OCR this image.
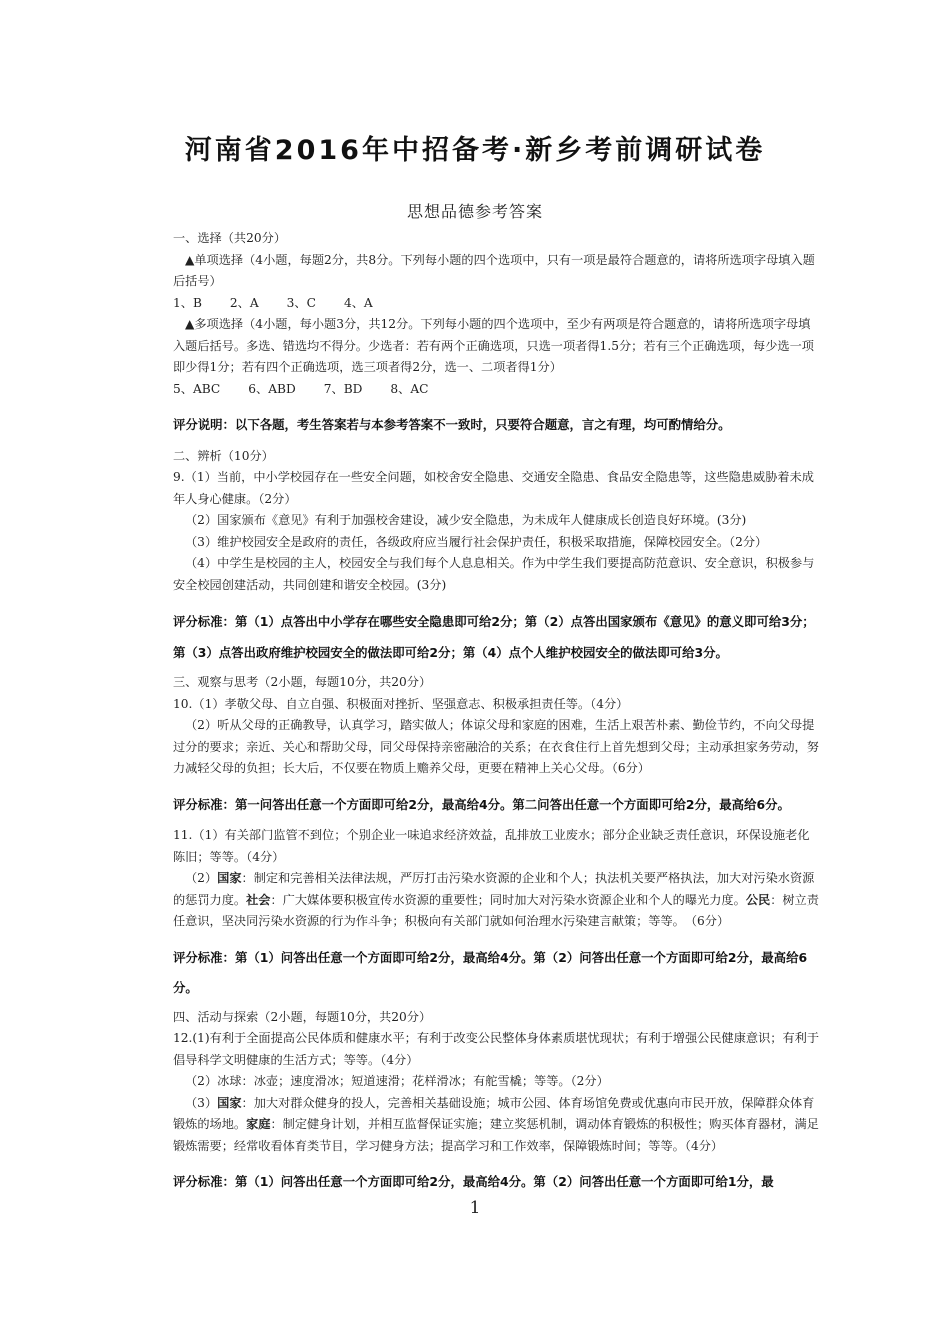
河南省2016年中招备考·新乡考前调研试卷
思想品德参考答案

一、选择（共20分）

▲单项选择（4小题，每题2分，共8分。下列每小题的四个选项中，只有一项是最符合题意的，请将所选项字母填入题后括号）

1、B 2、A 3、C 4、A

▲多项选择（4小题，每小题3分，共12分。下列每小题的四个选项中，至少有两项是符合题意的，请将所选项字母填入题后括号。多选、错选均不得分。少选者：若有两个正确选项，只选一项者得1.5分；若有三个正确选项，每少选一项即少得1分；若有四个正确选项，选三项者得2分，选一、二项者得1分）

5、ABC 6、ABD 7、BD 8、AC

评分说明：以下各题，考生答案若与本参考答案不一致时，只要符合题意，言之有理，均可酌情给分。

二、辨析（10分）

9.（1）当前，中小学校园存在一些安全问题，如校舍安全隐患、交通安全隐患、食品安全隐患等，这些隐患威胁着未成年人身心健康。（2分）

（2）国家颁布《意见》有利于加强校舍建设，减少安全隐患，为未成年人健康成长创造良好环境。(3分)

（3）维护校园安全是政府的责任，各级政府应当履行社会保护责任，积极采取措施，保障校园安全。（2分）

（4）中学生是校园的主人，校园安全与我们每个人息息相关。作为中学生我们要提高防范意识、安全意识，积极参与安全校园创建活动，共同创建和谐安全校园。(3分)

评分标准：第（1）点答出中小学存在哪些安全隐患即可给2分；第（2）点答出国家颁布《意见》的意义即可给3分；第（3）点答出政府维护校园安全的做法即可给2分；第（4）点个人维护校园安全的做法即可给3分。

三、观察与思考（2小题，每题10分，共20分）

10.（1）孝敬父母、自立自强、积极面对挫折、坚强意志、积极承担责任等。（4分）

（2）听从父母的正确教导，认真学习，踏实做人；体谅父母和家庭的困难，生活上艰苦朴素、勤俭节约，不向父母提过分的要求；亲近、关心和帮助父母，同父母保持亲密融洽的关系；在衣食住行上首先想到父母；主动承担家务劳动，努力减轻父母的负担；长大后，不仅要在物质上赡养父母，更要在精神上关心父母。（6分）

评分标准：第一问答出任意一个方面即可给2分，最高给4分。第二问答出任意一个方面即可给2分，最高给6分。

11.（1）有关部门监管不到位；个别企业一味追求经济效益，乱排放工业废水；部分企业缺乏责任意识，环保设施老化陈旧；等等。（4分）

（2）国家：制定和完善相关法律法规，严厉打击污染水资源的企业和个人；执法机关要严格执法，加大对污染水资源的惩罚力度。社会：广大媒体要积极宣传水资源的重要性；同时加大对污染水资源企业和个人的曝光力度。公民：树立责任意识，坚决同污染水资源的行为作斗争；积极向有关部门就如何治理水污染建言献策；等等。　（6分）

评分标准：第（1）问答出任意一个方面即可给2分，最高给4分。第（2）问答出任意一个方面即可给2分，最高给6分。

四、活动与探索（2小题，每题10分，共20分）

12.(1)有利于全面提高公民体质和健康水平；有利于改变公民整体身体素质堪忧现状；有利于增强公民健康意识；有利于倡导科学文明健康的生活方式；等等。（4分）

（2）冰球：冰壶；速度滑冰；短道速滑；花样滑冰；有舵雪橇；等等。（2分）

（3）国家：加大对群众健身的投人，完善相关基础设施；城市公园、体育场馆免费或优惠向市民开放，保障群众体育锻炼的场地。家庭：制定健身计划，并相互监督保证实施；建立奖惩机制，调动体育锻炼的积极性；购买体育器材，满足锻炼需要；经常收看体育类节目，学习健身方法；提高学习和工作效率，保障锻炼时间；等等。（4分）

评分标准：第（1）问答出任意一个方面即可给2分，最高给4分。第（2）问答出任意一个方面即可给1分，最

1
